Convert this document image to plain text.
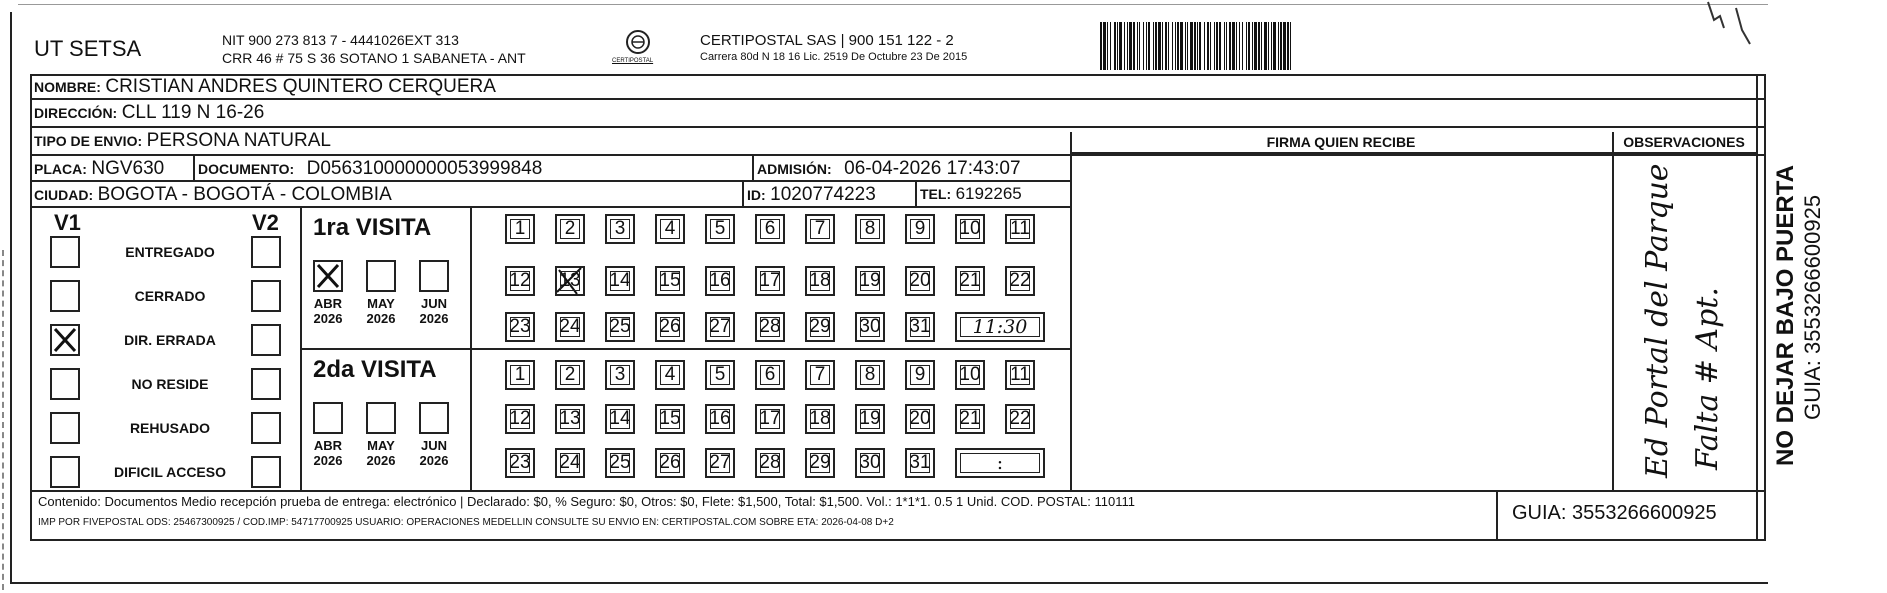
UT SETSA	NIT 900 273 813 7 - 4441026EXT 313
CRR 46 # 75 S 36 SOTANO 1 SABANETA - ANT	CERTIPOSTAL
CERTIPOSTAL SAS | 900 151 122 - 2
Carrera 80d N 18 16 Lic. 2519 De Octubre 23 De 2015
NOMBRE: CRISTIAN ANDRES QUINTERO CERQUERA
DIRECCIÓN: CLL 119 N 16-26
TIPO DE ENVIO: PERSONA NATURAL	FIRMA QUIEN RECIBE	OBSERVACIONES
PLACA: NGV630 DOCUMENTO: D056310000000053999848	ADMISIÓN: 06-04-2026 17:43:07
CIUDAD: BOGOTA - BOGOTÁ - COLOMBIA	ID: 1020774223	TEL: 6192265
V1	V2
ENTREGADO
CERRADO
DIR. ERRADA
NO RESIDE
REHUSADO
DIFICIL ACCESO
1ra VISITA
2da VISITA
ABR
2026
MAY
2026
JUN
2026
ABR
2026
MAY
2026
JUN
2026
1	2	3	4	5	6	7	8	9	10 11
12 13 14 15 16 17 18 19 20 21 22
23 24 25 26 27 28 29 30 31	11:30
1	2	3	4	5	6	7	8	9	10 11
12 13 14 15 16 17 18 19 20 21 22
23 24 25 26 27 28 29 30 31	:	Ed Portal del Parque Falta # Apt.
Contenido: Documentos Medio recepción prueba de entrega: electrónico | Declarado: $0, % Seguro: $0, Otros: $0, Flete: $1,500, Total: $1,500. Vol.: 1*1*1. 0.5 1 Unid. COD. POSTAL: 110111
IMP POR FIVEPOSTAL ODS: 25467300925 / COD.IMP: 54717700925 USUARIO: OPERACIONES MEDELLIN CONSULTE SU ENVIO EN: CERTIPOSTAL.COM SOBRE ETA: 2026-04-08 D+2	GUIA: 3553266600925
NO DEJAR BAJO PUERTA GUIA: 3553266600925
